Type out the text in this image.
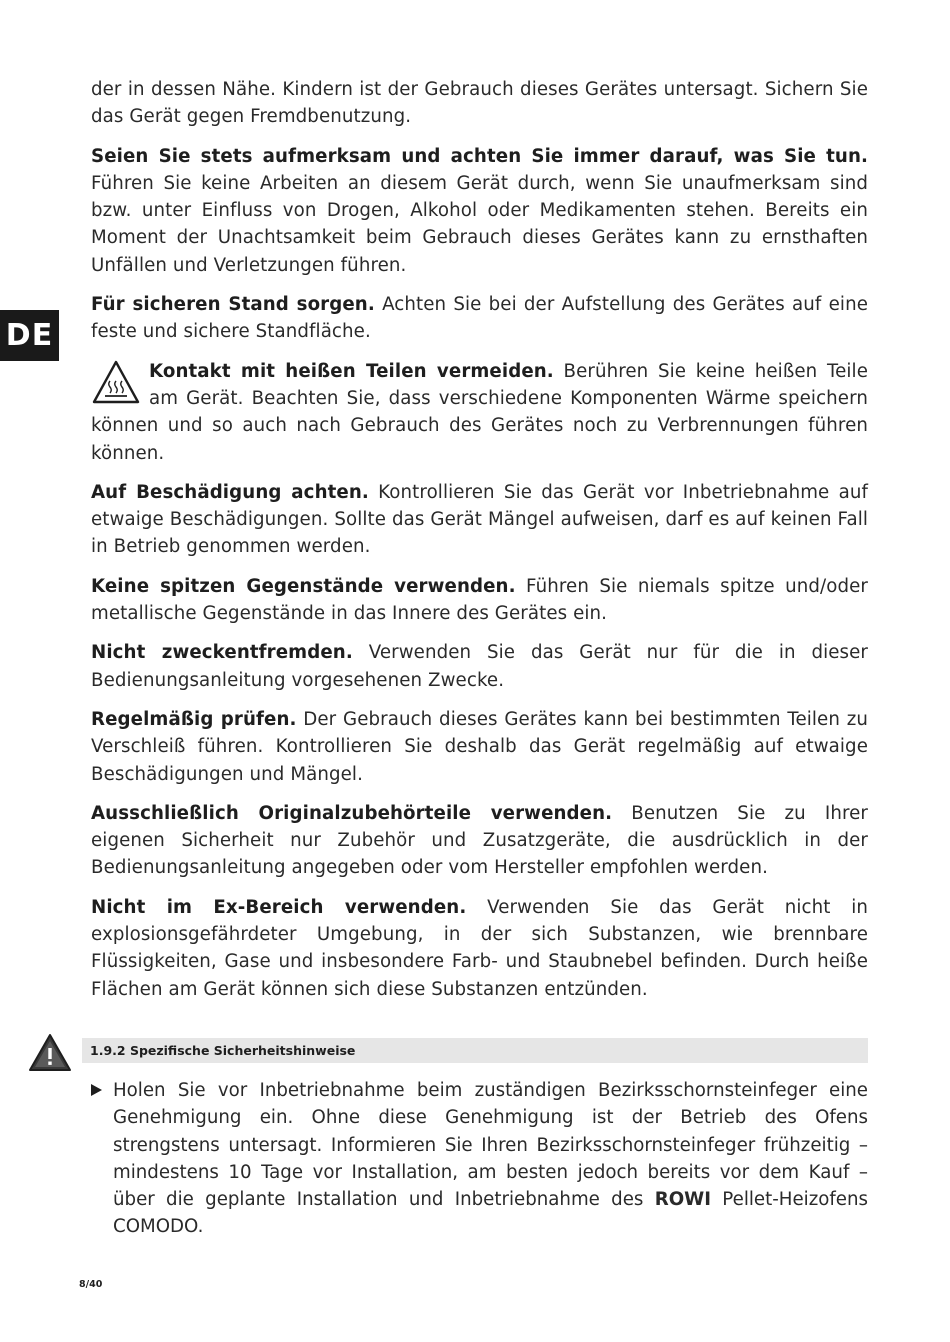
DE

der in dessen Nähe. Kindern ist der Gebrauch dieses Gerätes untersagt. Sichern Sie das Gerät gegen Fremdbenutzung.

Seien Sie stets aufmerksam und achten Sie immer darauf, was Sie tun. Führen Sie keine Arbeiten an diesem Gerät durch, wenn Sie unaufmerksam sind bzw. unter Einfluss von Drogen, Alkohol oder Medikamenten stehen. Bereits ein Moment der Unachtsamkeit beim Gebrauch dieses Gerätes kann zu ernsthaften Unfällen und Verletzungen führen.

Für sicheren Stand sorgen. Achten Sie bei der Aufstellung des Gerätes auf eine feste und sichere Standfläche.

Kontakt mit heißen Teilen vermeiden. Berühren Sie keine heißen Teile am Gerät. Beachten Sie, dass verschiedene Komponenten Wärme speichern können und so auch nach Gebrauch des Gerätes noch zu Verbrennungen führen können.

Auf Beschädigung achten. Kontrollieren Sie das Gerät vor Inbetriebnahme auf etwaige Beschädigungen. Sollte das Gerät Mängel aufweisen, darf es auf keinen Fall in Betrieb genommen werden.

Keine spitzen Gegenstände verwenden. Führen Sie niemals spitze und/oder metallische Gegenstände in das Innere des Gerätes ein.

Nicht zweckentfremden. Verwenden Sie das Gerät nur für die in dieser Bedienungsanleitung vorgesehenen Zwecke.

Regelmäßig prüfen. Der Gebrauch dieses Gerätes kann bei bestimmten Teilen zu Verschleiß führen. Kontrollieren Sie deshalb das Gerät regelmäßig auf etwaige Beschädigungen und Mängel.

Ausschließlich Originalzubehörteile verwenden. Benutzen Sie zu Ihrer eigenen Sicherheit nur Zubehör und Zusatzgeräte, die ausdrücklich in der Bedienungsanleitung angegeben oder vom Hersteller empfohlen werden.

Nicht im Ex-Bereich verwenden. Verwenden Sie das Gerät nicht in explosionsgefährdeter Umgebung, in der sich Substanzen, wie brennbare Flüssigkeiten, Gase und insbesondere Farb- und Staubnebel befinden. Durch heiße Flächen am Gerät können sich diese Substanzen entzünden.

1.9.2 Spezifische Sicherheitshinweise
Holen Sie vor Inbetriebnahme beim zuständigen Bezirksschornsteinfeger eine Genehmigung ein. Ohne diese Genehmigung ist der Betrieb des Ofens strengstens untersagt. Informieren Sie Ihren Bezirksschornsteinfeger frühzeitig – mindestens 10 Tage vor Installation, am besten jedoch bereits vor dem Kauf – über die geplante Installation und Inbetriebnahme des ROWI Pellet-Heizofens COMODO.
8/40
